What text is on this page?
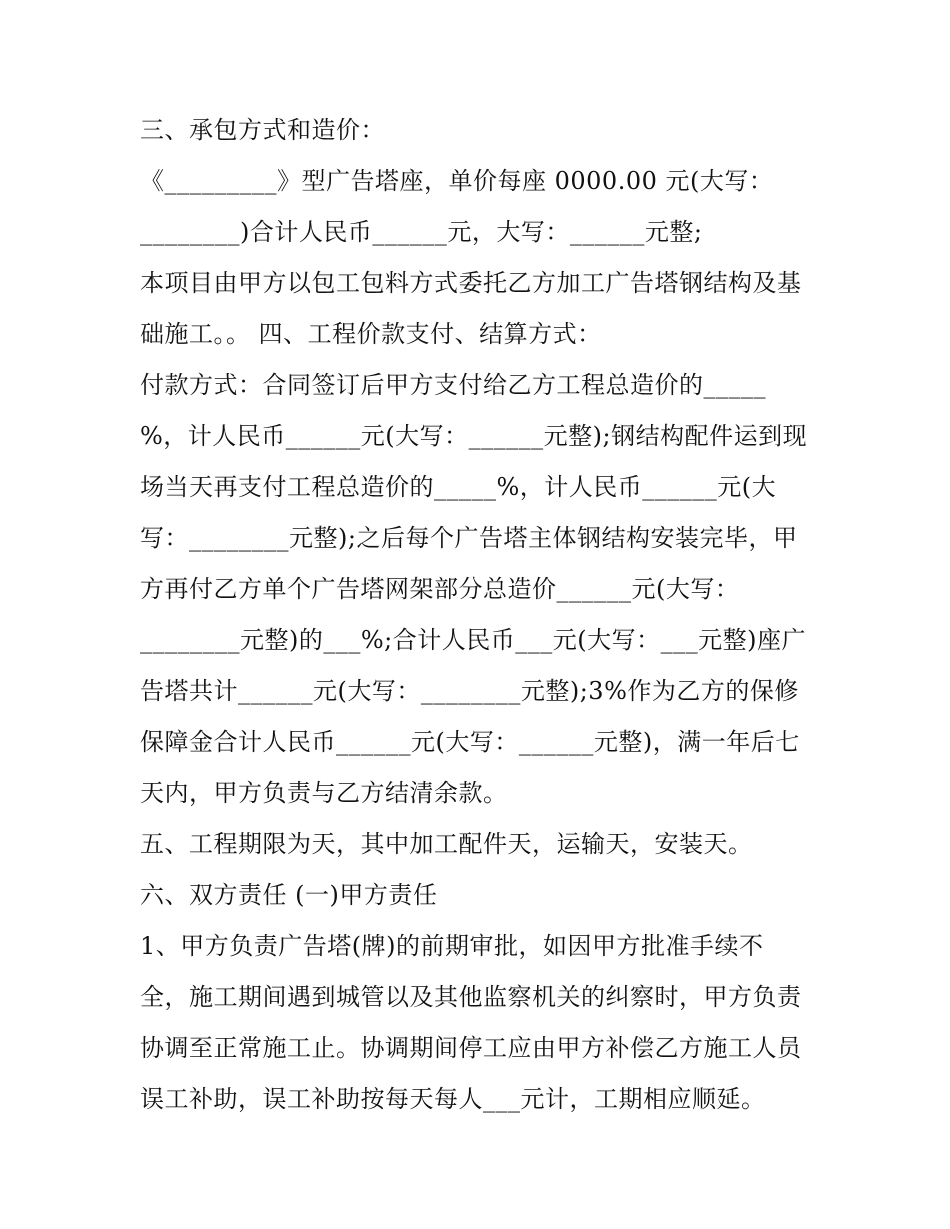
三、承包方式和造价：
《_________》型广告塔座，单价每座 0000.00 元(大写：
________)合计人民币______元，大写：______元整;
本项目由甲方以包工包料方式委托乙方加工广告塔钢结构及基
础施工。。 四、工程价款支付、结算方式：
付款方式：合同签订后甲方支付给乙方工程总造价的_____
%，计人民币______元(大写：______元整);钢结构配件运到现
场当天再支付工程总造价的_____%，计人民币______元(大
写：________元整);之后每个广告塔主体钢结构安装完毕，甲
方再付乙方单个广告塔网架部分总造价______元(大写：
________元整)的___%;合计人民币___元(大写：___元整)座广
告塔共计______元(大写：________元整);3%作为乙方的保修
保障金合计人民币______元(大写：______元整)，满一年后七
天内，甲方负责与乙方结清余款。
五、工程期限为天，其中加工配件天，运输天，安装天。
六、双方责任 (一)甲方责任
1、甲方负责广告塔(牌)的前期审批，如因甲方批准手续不
全，施工期间遇到城管以及其他监察机关的纠察时，甲方负责
协调至正常施工止。协调期间停工应由甲方补偿乙方施工人员
误工补助，误工补助按每天每人___元计，工期相应顺延。
